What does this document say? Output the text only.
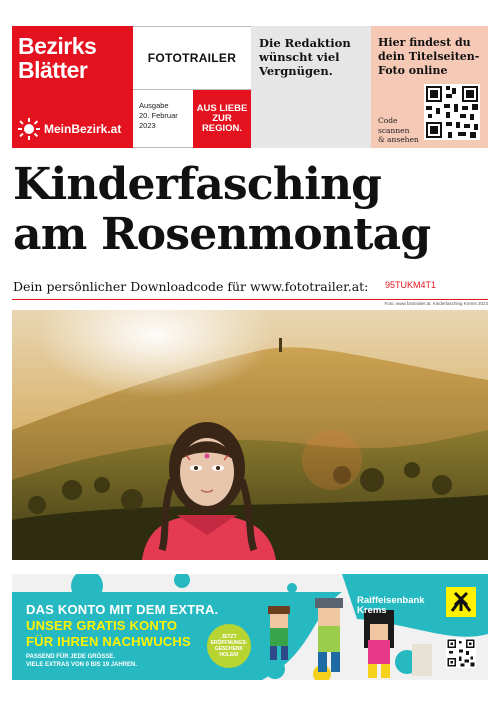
Bezirks
Blätter
MeinBezirk.at
FOTOTRAILER
Ausgabe
20. Februar
2023
AUS LIEBE
ZUR
REGION.
Die Redaktion wünscht viel Vergnügen.
Hier findest du dein Titelseiten-Foto online
Code
scannen
& ansehen
Kinderfasching
am Rosenmontag
Dein persönlicher Downloadcode für www.fototrailer.at: 95TUKM4T1
Foto: www.fototrailer.at, Kinderfasching Krems 2023
DAS KONTO MIT DEM EXTRA.
UNSER GRATIS KONTO
FÜR IHREN NACHWUCHS
PASSEND FÜR JEDE GRÖSSE.
VIELE EXTRAS VON 0 BIS 19 JAHREN.
JETZT
ERÖFFNUNGS-
GESCHENK
HOLEN!
Raiffeisenbank
Krems
